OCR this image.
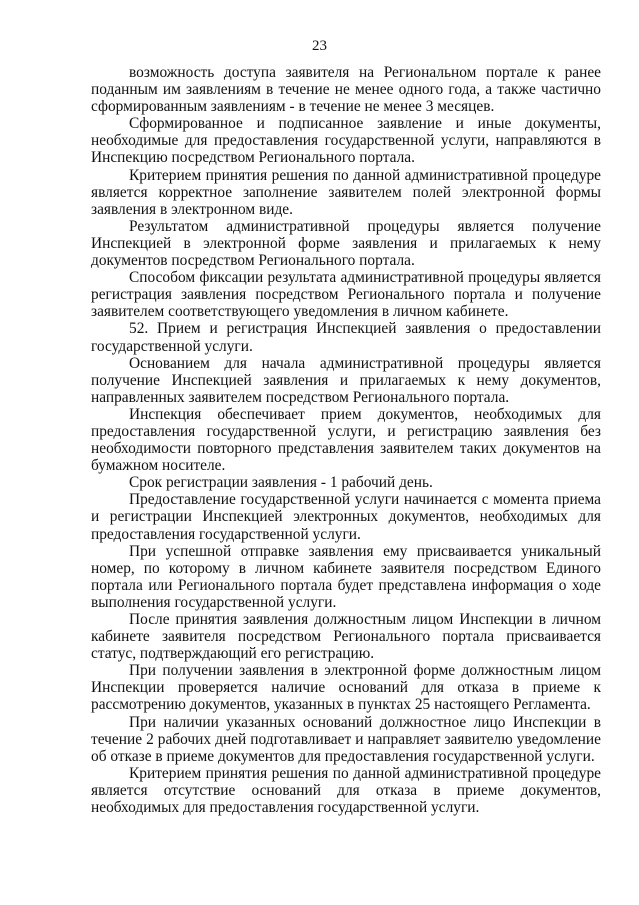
23

возможность доступа заявителя на Региональном портале к ранее поданным им заявлениям в течение не менее одного года, а также частично сформированным заявлениям - в течение не менее 3 месяцев.

Сформированное и подписанное заявление и иные документы, необходимые для предоставления государственной услуги, направляются в Инспекцию посредством Регионального портала.

Критерием принятия решения по данной административной процедуре является корректное заполнение заявителем полей электронной формы заявления в электронном виде.

Результатом административной процедуры является получение Инспекцией в электронной форме заявления и прилагаемых к нему документов посредством Регионального портала.

Способом фиксации результата административной процедуры является регистрация заявления посредством Регионального портала и получение заявителем соответствующего уведомления в личном кабинете.

52. Прием и регистрация Инспекцией заявления о предоставлении государственной услуги.

Основанием для начала административной процедуры является получение Инспекцией заявления и прилагаемых к нему документов, направленных заявителем посредством Регионального портала.

Инспекция обеспечивает прием документов, необходимых для предоставления государственной услуги, и регистрацию заявления без необходимости повторного представления заявителем таких документов на бумажном носителе.

Срок регистрации заявления - 1 рабочий день.

Предоставление государственной услуги начинается с момента приема и регистрации Инспекцией электронных документов, необходимых для предоставления государственной услуги.

При успешной отправке заявления ему присваивается уникальный номер, по которому в личном кабинете заявителя посредством Единого портала или Регионального портала будет представлена информация о ходе выполнения государственной услуги.

После принятия заявления должностным лицом Инспекции в личном кабинете заявителя посредством Регионального портала присваивается статус, подтверждающий его регистрацию.

При получении заявления в электронной форме должностным лицом Инспекции проверяется наличие оснований для отказа в приеме к рассмотрению документов, указанных в пунктах 25 настоящего Регламента.

При наличии указанных оснований должностное лицо Инспекции в течение 2 рабочих дней подготавливает и направляет заявителю уведомление об отказе в приеме документов для предоставления государственной услуги.

Критерием принятия решения по данной административной процедуре является отсутствие оснований для отказа в приеме документов, необходимых для предоставления государственной услуги.
